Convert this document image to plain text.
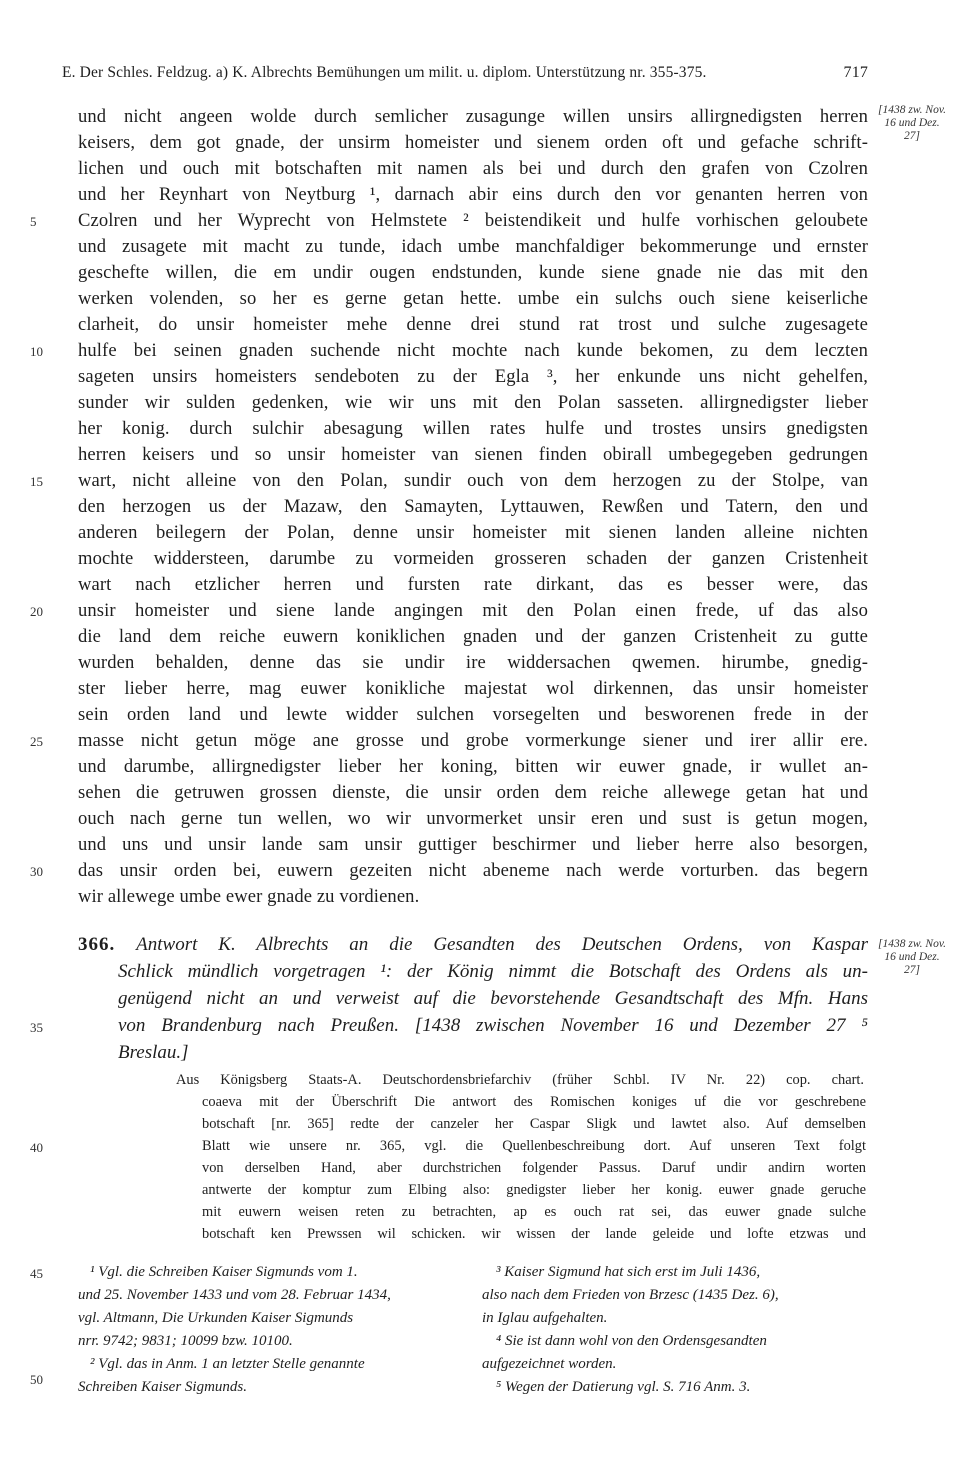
E. Der Schles. Feldzug. a) K. Albrechts Bemühungen um milit. u. diplom. Unterstützung nr. 355-375.	717
[1438 zw. Nov. 16 und Dez. 27]
[1438 zw. Nov. 16 und Dez. 27]
und nicht angeen wolde durch semlicher zusagunge willen unsirs allirgnedigsten herren
keisers, dem got gnade, der unsirm homeister und sienem orden oft und gefache schrift-
lichen und ouch mit botschaften mit namen als bei und durch den grafen von Czolren
und her Reynhart von Neytburg ¹, darnach abir eins durch den vor genanten herren von
Czolren und her Wyprecht von Helmstete ² beistendikeit und hulfe vorhischen geloubete
und zusagete mit macht zu tunde, idach umbe manchfaldiger bekommerunge und ernster
geschefte willen, die em undir ougen endstunden, kunde siene gnade nie das mit den
werken volenden, so her es gerne getan hette. umbe ein sulchs ouch siene keiserliche
clarheit, do unsir homeister mehe denne drei stund rat trost und sulche zugesagete
hulfe bei seinen gnaden suchende nicht mochte nach kunde bekomen, zu dem leczten
sageten unsirs homeisters sendeboten zu der Egla ³, her enkunde uns nicht gehelfen,
sunder wir sulden gedenken, wie wir uns mit den Polan sasseten. allirgnedigster lieber
her konig. durch sulchir abesagung willen rates hulfe und trostes unsirs gnedigsten
herren keisers und so unsir homeister van sienen finden obirall umbegegeben gedrungen
wart, nicht alleine von den Polan, sundir ouch von dem herzogen zu der Stolpe, van
den herzogen us der Mazaw, den Samayten, Lyttauwen, Rewßen und Tatern, den und
anderen beilegern der Polan, denne unsir homeister mit sienen landen alleine nichten
mochte widdersteen, darumbe zu vormeiden grosseren schaden der ganzen Cristenheit
wart nach etzlicher herren und fursten rate dirkant, das es besser were, das
unsir homeister und siene lande angingen mit den Polan einen frede, uf das also
die land dem reiche euwern koniklichen gnaden und der ganzen Cristenheit zu gutte
wurden behalden, denne das sie undir ire widdersachen qwemen. hirumbe, gnedig-
ster lieber herre, mag euwer konikliche majestat wol dirkennen, das unsir homeister
sein orden land und lewte widder sulchen vorsegelten und besworenen frede in der
masse nicht getun möge ane grosse und grobe vormerkunge siener und irer allir ere.
und darumbe, allirgnedigster lieber her koning, bitten wir euwer gnade, ir wullet an-
sehen die getruwen grossen dienste, die unsir orden dem reiche allewege getan hat und
ouch nach gerne tun wellen, wo wir unvormerket unsir eren und sust is getun mogen,
und uns und unsir lande sam unsir guttiger beschirmer und lieber herre also besorgen,
das unsir orden bei, euwern gezeiten nicht abeneme nach werde vorturben. das begern
wir allewege umbe ewer gnade zu vordienen.
5
10
15
20
25
30
35
40
45
50
366. Antwort K. Albrechts an die Gesandten des Deutschen Ordens, von Kaspar
Schlick mündlich vorgetragen ¹: der König nimmt die Botschaft des Ordens als un-
genügend nicht an und verweist auf die bevorstehende Gesandtschaft des Mfn. Hans
von Brandenburg nach Preußen. [1438 zwischen November 16 und Dezember 27 ⁵
Breslau.]
Aus Königsberg Staats-A. Deutschordensbriefarchiv (früher Schbl. IV Nr. 22) cop. chart.
coaeva mit der Überschrift Die antwort des Romischen koniges uf die vor geschrebene
botschaft [nr. 365] redte der canzeler her Caspar Sligk und lawtet also. Auf demselben
Blatt wie unsere nr. 365, vgl. die Quellenbeschreibung dort. Auf unseren Text folgt
von derselben Hand, aber durchstrichen folgender Passus. Daruf undir andirn worten
antwerte der komptur zum Elbing also: gnedigster lieber her konig. euwer gnade geruche
mit euwern weisen reten zu betrachten, ap es ouch rat sei, das euwer gnade sulche
botschaft ken Prewssen wil schicken. wir wissen der lande geleide und lofte etzwas und
¹ Vgl. die Schreiben Kaiser Sigmunds vom 1.
und 25. November 1433 und vom 28. Februar 1434,
vgl. Altmann, Die Urkunden Kaiser Sigmunds
nrr. 9742; 9831; 10099 bzw. 10100.
² Vgl. das in Anm. 1 an letzter Stelle genannte
Schreiben Kaiser Sigmunds.
³ Kaiser Sigmund hat sich erst im Juli 1436,
also nach dem Frieden von Brzesc (1435 Dez. 6),
in Iglau aufgehalten.
⁴ Sie ist dann wohl von den Ordensgesandten
aufgezeichnet worden.
⁵ Wegen der Datierung vgl. S. 716 Anm. 3.
